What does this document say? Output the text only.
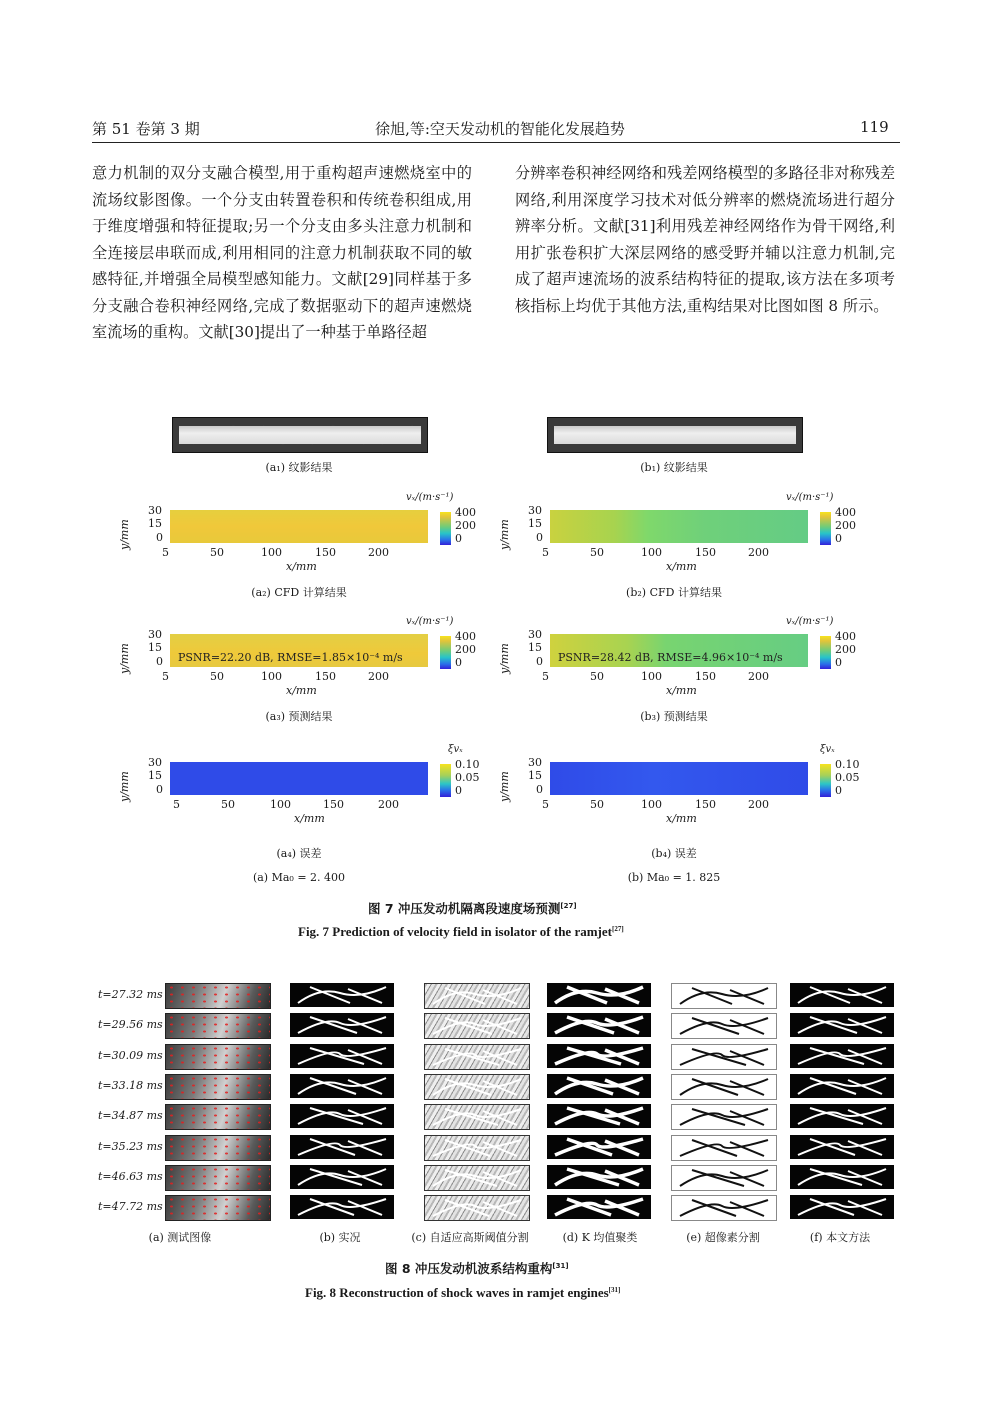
第 51 卷第 3 期	徐旭,等:空天发动机的智能化发展趋势	119

意力机制的双分支融合模型,用于重构超声速燃烧室中的流场纹影图像。一个分支由转置卷积和传统卷积组成,用于维度增强和特征提取;另一个分支由多头注意力机制和全连接层串联而成,利用相同的注意力机制获取不同的敏感特征,并增强全局模型感知能力。文献[29]同样基于多分支融合卷积神经网络,完成了数据驱动下的超声速燃烧室流场的重构。文献[30]提出了一种基于单路径超

分辨率卷积神经网络和残差网络模型的多路径非对称残差网络,利用深度学习技术对低分辨率的燃烧流场进行超分辨率分析。文献[31]利用残差神经网络作为骨干网络,利用扩张卷积扩大深层网络的感受野并辅以注意力机制,完成了超声速流场的波系结构特征的提取,该方法在多项考核指标上均优于其他方法,重构结果对比图如图 8 所示。

(a₁) 纹影结果	(b₁) 纹影结果
y/mm
30
15
0
5	50	100	150	200
x/mm
vₓ/(m·s⁻¹)
400
200
0
(a₂) CFD 计算结果
y/mm
30
15
0
5	50	100	150	200
x/mm
vₓ/(m·s⁻¹)
400
200
0
(b₂) CFD 计算结果
y/mm
30
15
0 PSNR=22.20 dB, RMSE=1.85×10⁻⁴ m/s
5	50	100	150	200
x/mm
vₓ/(m·s⁻¹)
400
200
0
(a₃) 预测结果
y/mm
30
15
0 PSNR=28.42 dB, RMSE=4.96×10⁻⁴ m/s
5	50	100	150	200
x/mm
vₓ/(m·s⁻¹)
400
200
0
(b₃) 预测结果
y/mm
30
15
0
5	50	100	150	200
x/mm
ξvₓ
0.10
0.05
0
(a₄) 误差
y/mm
30
15
0
5	50	100	150	200
x/mm
ξvₓ
0.10
0.05
0
(b₄) 误差
(a) Ma₀ = 2. 400	(b) Ma₀ = 1. 825
图 7 冲压发动机隔离段速度场预测[27]
Fig. 7 Prediction of velocity field in isolator of the ramjet[27]
t=27.32 ms
t=29.56 ms
t=30.09 ms
t=33.18 ms
t=34.87 ms
t=35.23 ms
t=46.63 ms
t=47.72 ms
(a) 测试图像	(b) 实况	(c) 自适应高斯阈值分割	(d) K 均值聚类	(e) 超像素分割	(f) 本文方法
图 8 冲压发动机波系结构重构[31]
Fig. 8 Reconstruction of shock waves in ramjet engines[31]
